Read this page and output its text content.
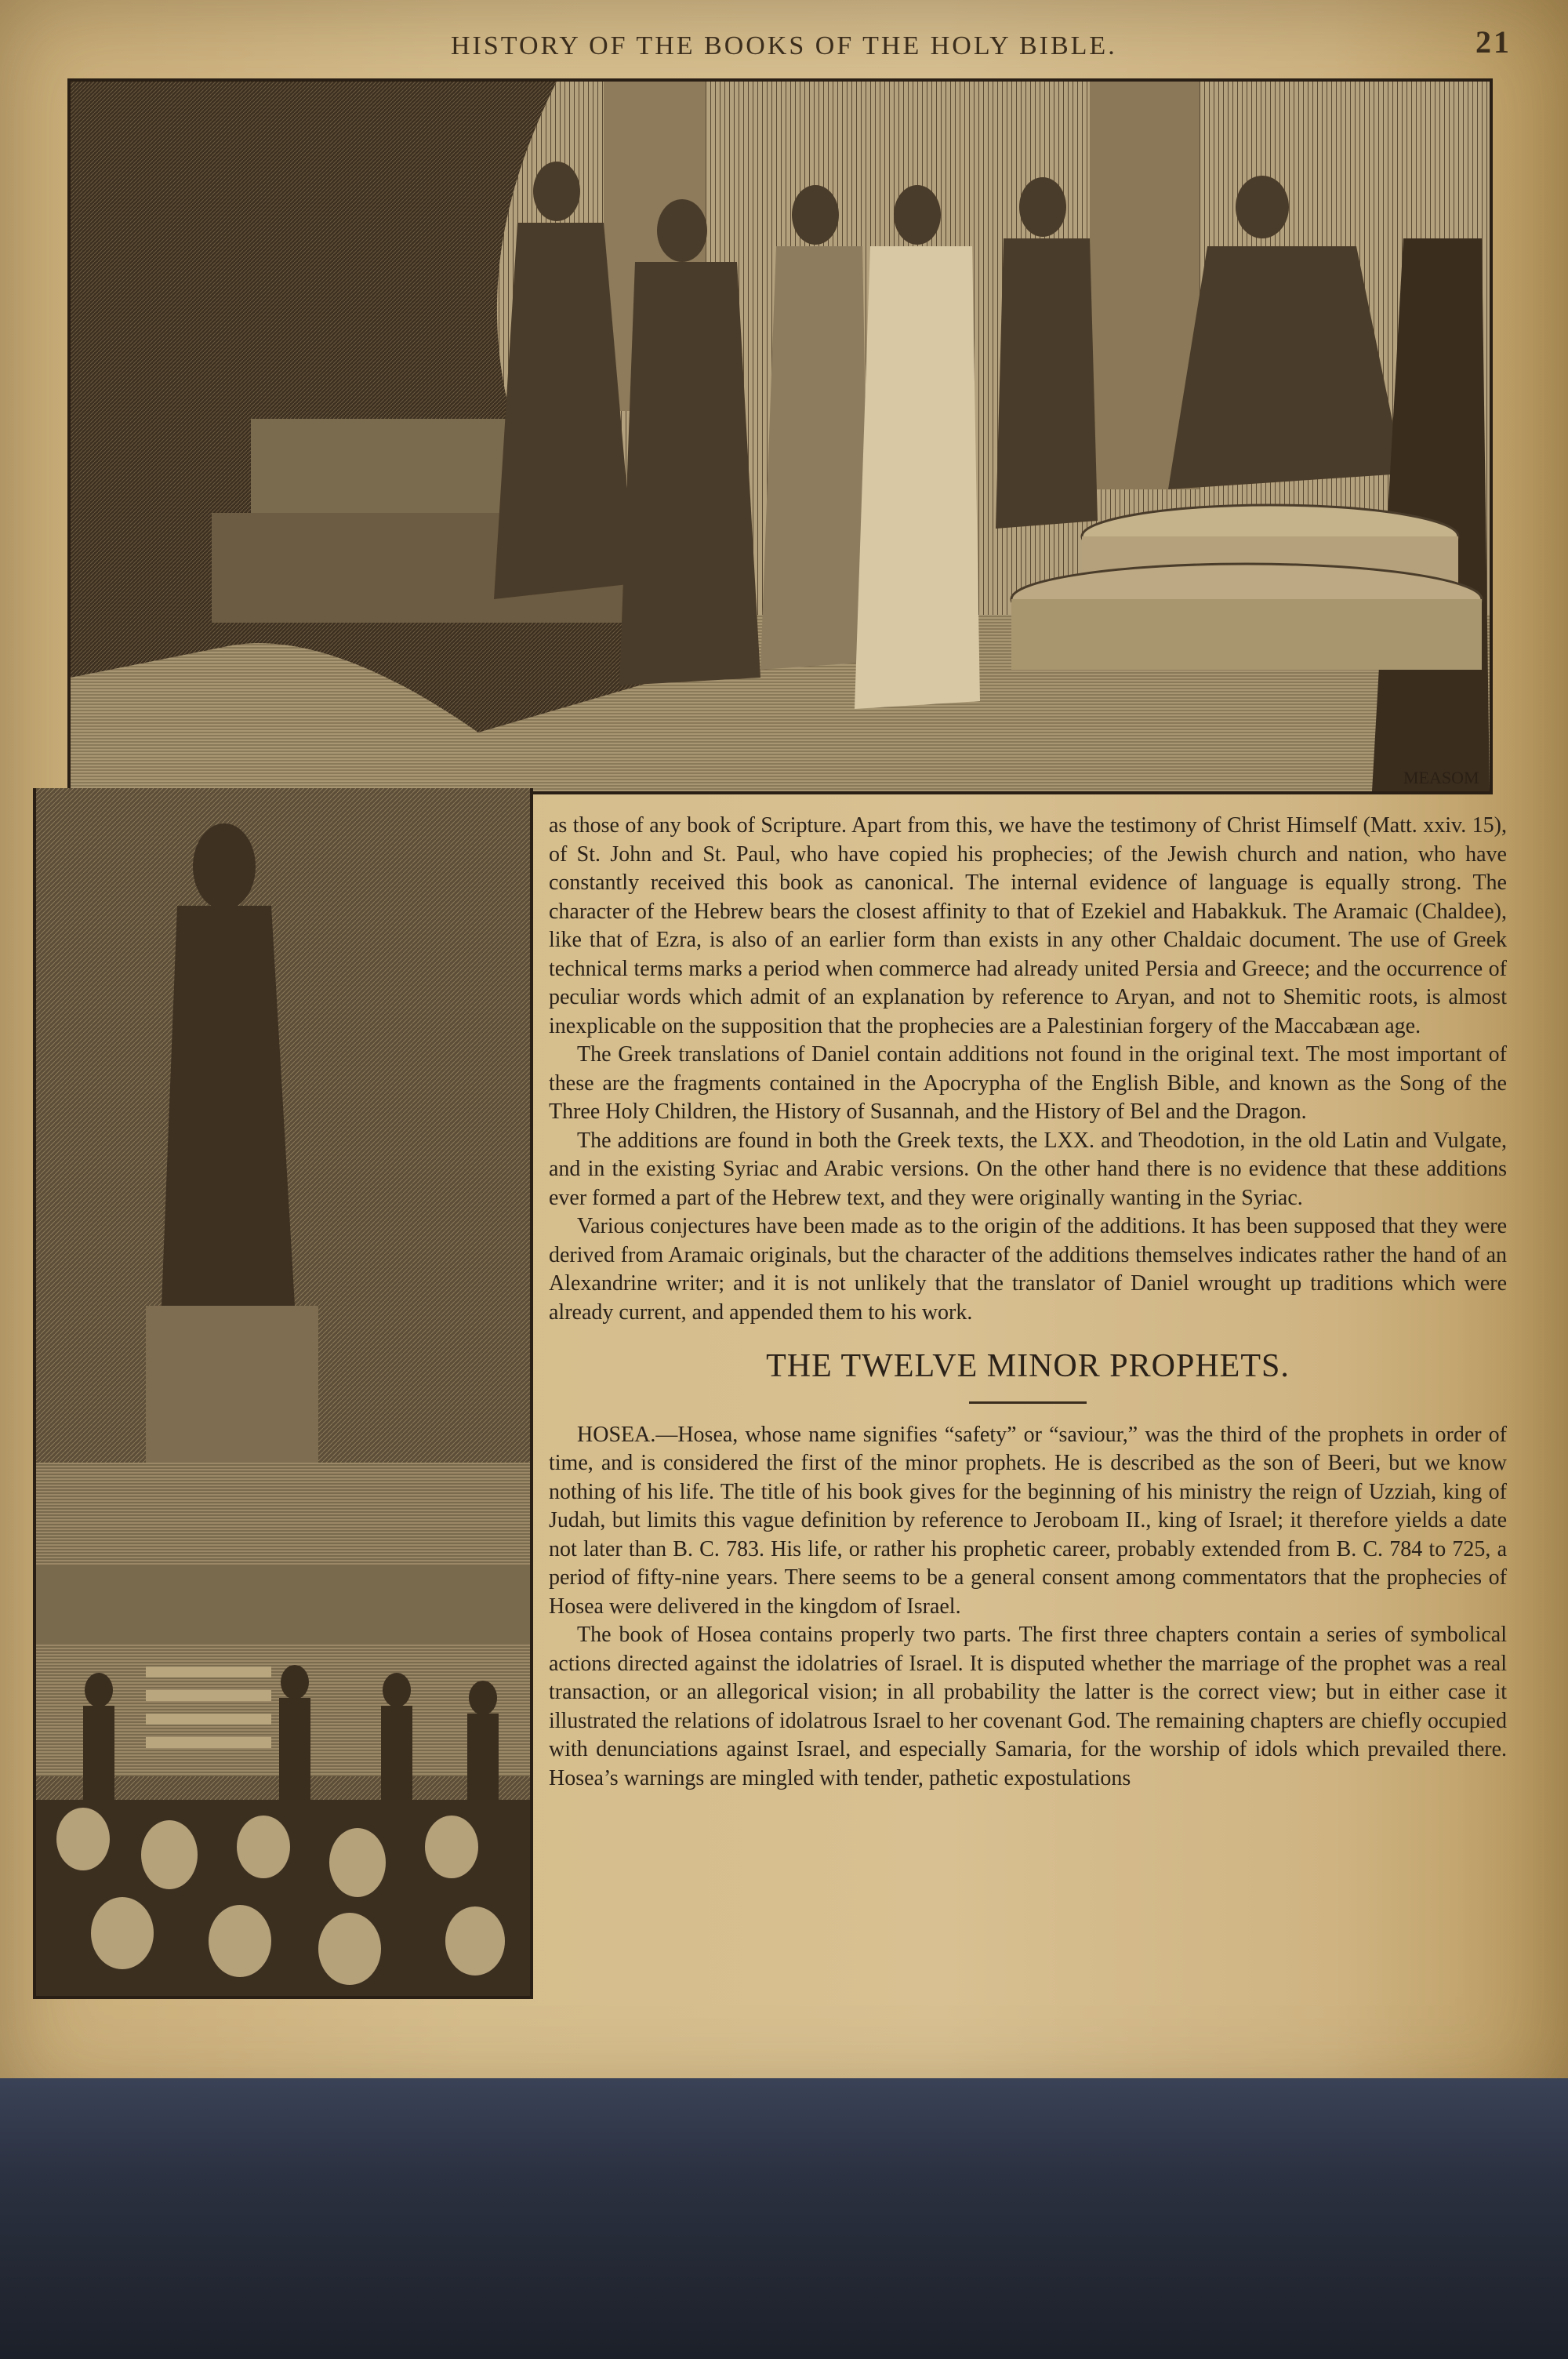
HISTORY OF THE BOOKS OF THE HOLY BIBLE.	21
MEASOM

as those of any book of Scripture. Apart from this, we have the testimony of Christ Himself (Matt. xxiv. 15), of St. John and St. Paul, who have copied his prophecies; of the Jewish church and nation, who have constantly received this book as canonical. The internal evidence of language is equally strong. The character of the Hebrew bears the closest affinity to that of Ezekiel and Habakkuk. The Aramaic (Chaldee), like that of Ezra, is also of an earlier form than exists in any other Chaldaic document. The use of Greek technical terms marks a period when commerce had already united Persia and Greece; and the occurrence of peculiar words which admit of an explanation by reference to Aryan, and not to Shemitic roots, is almost inexplicable on the supposition that the prophecies are a Palestinian forgery of the Maccabæan age.

The Greek translations of Daniel contain additions not found in the original text. The most important of these are the fragments contained in the Apocrypha of the English Bible, and known as the Song of the Three Holy Children, the History of Susannah, and the History of Bel and the Dragon.

The additions are found in both the Greek texts, the LXX. and Theodotion, in the old Latin and Vulgate, and in the existing Syriac and Arabic versions. On the other hand there is no evidence that these additions ever formed a part of the Hebrew text, and they were originally wanting in the Syriac.

Various conjectures have been made as to the origin of the additions. It has been supposed that they were derived from Aramaic originals, but the character of the additions themselves indicates rather the hand of an Alexandrine writer; and it is not unlikely that the translator of Daniel wrought up traditions which were already current, and appended them to his work.

THE TWELVE MINOR PROPHETS.

HOSEA.—Hosea, whose name signifies “safety” or “saviour,” was the third of the prophets in order of time, and is considered the first of the minor prophets. He is described as the son of Beeri, but we know nothing of his life. The title of his book gives for the beginning of his ministry the reign of Uzziah, king of Judah, but limits this vague definition by reference to Jeroboam II., king of Israel; it therefore yields a date not later than B. C. 783. His life, or rather his prophetic career, probably extended from B. C. 784 to 725, a period of fifty-nine years. There seems to be a general consent among commentators that the prophecies of Hosea were delivered in the kingdom of Israel.

The book of Hosea contains properly two parts. The first three chapters contain a series of symbolical actions directed against the idolatries of Israel. It is disputed whether the marriage of the prophet was a real transaction, or an allegorical vision; in all probability the latter is the correct view; but in either case it illustrated the relations of idolatrous Israel to her covenant God. The remaining chapters are chiefly occupied with denunciations against Israel, and especially Samaria, for the worship of idols which prevailed there. Hosea’s warnings are mingled with tender, pathetic expostulations
